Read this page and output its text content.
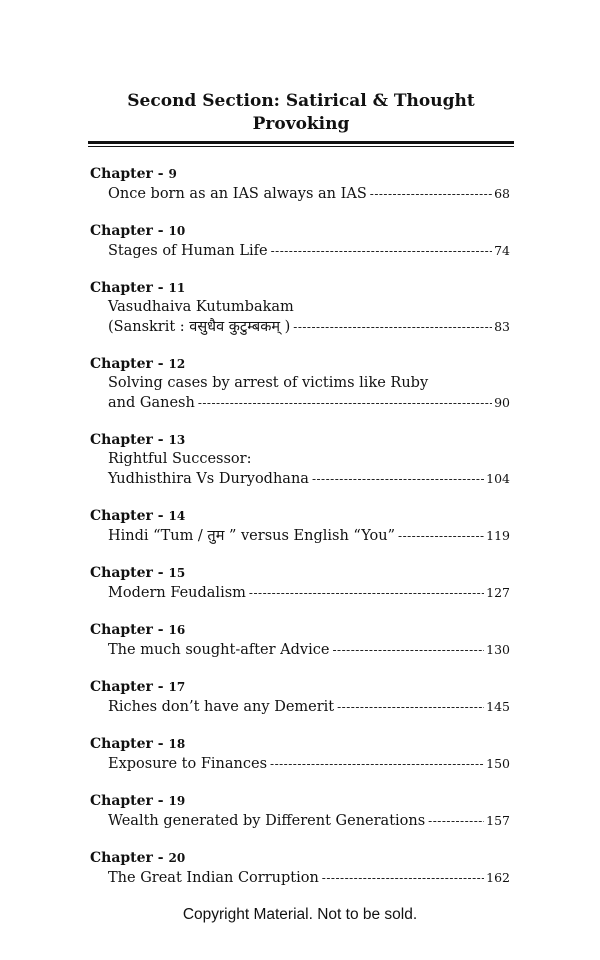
Second Section: Satirical & Thought
Provoking
Chapter - 9
Once born as an IAS always an IAS -----	68
Chapter - 10
Stages of Human Life -----	74
Chapter - 11
Vasudhaiva Kutumbakam
(Sanskrit : वसुधैव कुटुम्बकम् ) -----	83
Chapter - 12
Solving cases by arrest of victims like Ruby
and Ganesh -----	90
Chapter - 13
Rightful Successor:
Yudhisthira Vs Duryodhana -----	104
Chapter - 14
Hindi “Tum / तुम ” versus English “You” -----	119
Chapter - 15
Modern Feudalism -----	127
Chapter - 16
The much sought-after Advice -----	130
Chapter - 17
Riches don’t have any Demerit -----	145
Chapter - 18
Exposure to Finances -----	150
Chapter - 19
Wealth generated by Different Generations -----	157
Chapter - 20
The Great Indian Corruption -----	162
Copyright Material. Not to be sold.
